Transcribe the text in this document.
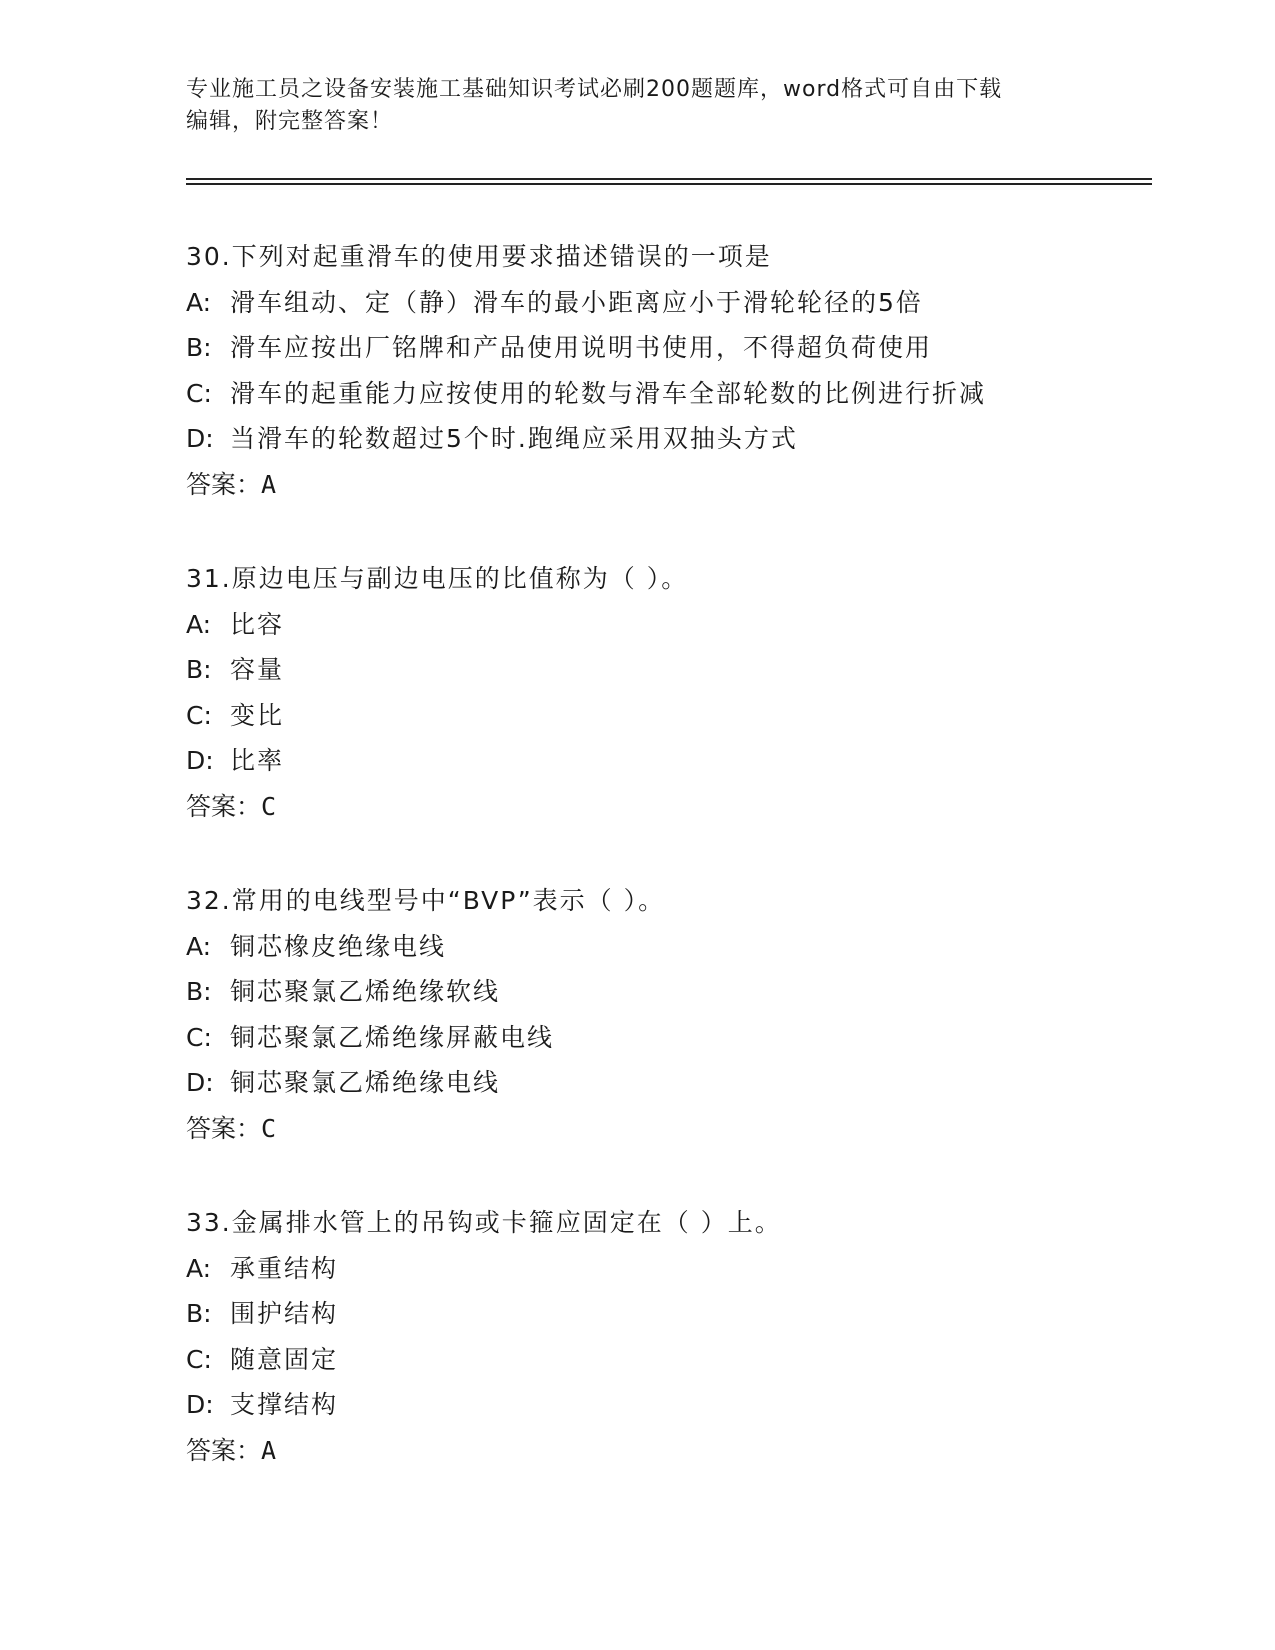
专业施工员之设备安装施工基础知识考试必刷200题题库，word格式可自由下载
编辑，附完整答案！
30.下列对起重滑车的使用要求描述错误的一项是
A: 滑车组动、定（静）滑车的最小距离应小于滑轮轮径的5倍
B: 滑车应按出厂铭牌和产品使用说明书使用，不得超负荷使用
C: 滑车的起重能力应按使用的轮数与滑车全部轮数的比例进行折减
D: 当滑车的轮数超过5个时.跑绳应采用双抽头方式
答案：A
31.原边电压与副边电压的比值称为（ ）。
A: 比容
B: 容量
C: 变比
D: 比率
答案：C
32.常用的电线型号中“BVP”表示（ ）。
A: 铜芯橡皮绝缘电线
B: 铜芯聚氯乙烯绝缘软线
C: 铜芯聚氯乙烯绝缘屏蔽电线
D: 铜芯聚氯乙烯绝缘电线
答案：C
33.金属排水管上的吊钩或卡箍应固定在（ ）上。
A: 承重结构
B: 围护结构
C: 随意固定
D: 支撑结构
答案：A
